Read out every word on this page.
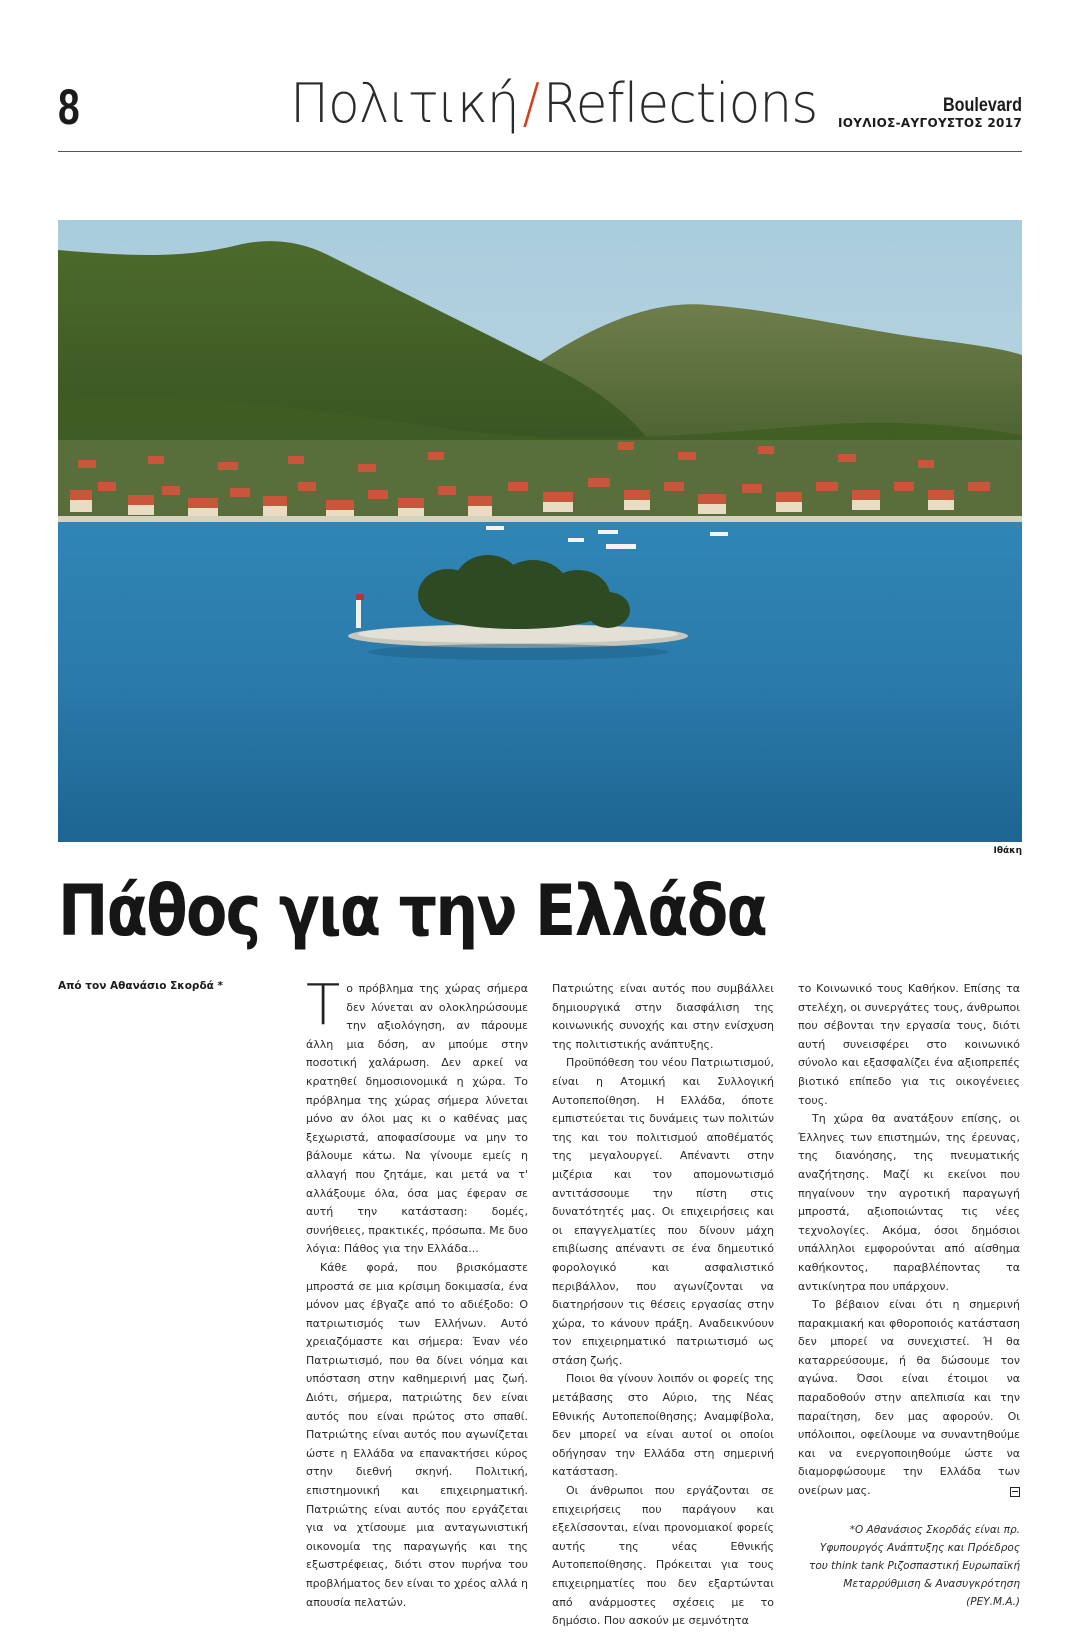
8	Πολιτική/Reflections	Boulevard
ΙΟΥΛΙΟΣ-ΑΥΓΟΥΣΤΟΣ 2017
Ιθάκη
Πάθος για την Ελλάδα
Από τον Αθανάσιο Σκορδά * Το πρόβλημα της χώρας σήμερα δεν λύνεται αν ολοκληρώσουμε την αξιολόγηση, αν πάρουμε άλλη μια δόση, αν μπούμε στην ποσοτική χαλάρωση. Δεν αρκεί να κρατηθεί δημοσιονομικά η χώρα. Το πρόβλημα της χώρας σήμερα λύνεται μόνο αν όλοι μας κι ο καθένας μας ξεχωριστά, αποφασίσουμε να μην το βάλουμε κάτω. Να γίνουμε εμείς η αλλαγή που ζητάμε, και μετά να τ' αλλάξουμε όλα, όσα μας έφεραν σε αυτή την κατάσταση: δομές, συνήθειες, πρακτικές, πρόσωπα. Με δυο λόγια: Πάθος για την Ελλάδα...

Κάθε φορά, που βρισκόμαστε μπροστά σε μια κρίσιμη δοκιμασία, ένα μόνον μας έβγαζε από το αδιέξοδο: Ο πατριωτισμός των Ελλήνων. Αυτό χρειαζόμαστε και σήμερα: Έναν νέο Πατριωτισμό, που θα δίνει νόημα και υπόσταση στην καθημερινή μας ζωή. Διότι, σήμερα, πατριώτης δεν είναι αυτός που είναι πρώτος στο σπαθί. Πατριώτης είναι αυτός που αγωνίζεται ώστε η Ελλάδα να επανακτήσει κύρος στην διεθνή σκηνή. Πολιτική, επιστημονική και επιχειρηματική. Πατριώτης είναι αυτός που εργάζεται για να χτίσουμε μια ανταγωνιστική οικονομία της παραγωγής και της εξωστρέφειας, διότι στον πυρήνα του προβλήματος δεν είναι το χρέος αλλά η απουσία πελατών.

Πατριώτης είναι αυτός που συμβάλλει δημιουργικά στην διασφάλιση της κοινωνικής συνοχής και στην ενίσχυση της πολιτιστικής ανάπτυξης.

Προϋπόθεση του νέου Πατριωτισμού, είναι η Ατομική και Συλλογική Αυτοπεποίθηση. Η Ελλάδα, όποτε εμπιστεύεται τις δυνάμεις των πολιτών της και του πολιτισμού αποθέματός της μεγαλουργεί. Απέναντι στην μιζέρια και τον απομονωτισμό αντιτάσσουμε την πίστη στις δυνατότητές μας. Οι επιχειρήσεις και οι επαγγελματίες που δίνουν μάχη επιβίωσης απέναντι σε ένα δημευτικό φορολογικό και ασφαλιστικό περιβάλλον, που αγωνίζονται να διατηρήσουν τις θέσεις εργασίας στην χώρα, το κάνουν πράξη. Αναδεικνύουν τον επιχειρηματικό πατριωτισμό ως στάση ζωής.

Ποιοι θα γίνουν λοιπόν οι φορείς της μετάβασης στο Αύριο, της Νέας Εθνικής Αυτοπεποίθησης; Αναμφίβολα, δεν μπορεί να είναι αυτοί οι οποίοι οδήγησαν την Ελλάδα στη σημερινή κατάσταση.

Οι άνθρωποι που εργάζονται σε επιχειρήσεις που παράγουν και εξελίσσονται, είναι προνομιακοί φορείς αυτής της νέας Εθνικής Αυτοπεποίθησης. Πρόκειται για τους επιχειρηματίες που δεν εξαρτώνται από ανάρμοστες σχέσεις με το δημόσιο. Που ασκούν με σεμνότητα

το Κοινωνικό τους Καθήκον. Επίσης τα στελέχη, οι συνεργάτες τους, άνθρωποι που σέβονται την εργασία τους, διότι αυτή συνεισφέρει στο κοινωνικό σύνολο και εξασφαλίζει ένα αξιοπρεπές βιοτικό επίπεδο για τις οικογένειες τους.

Τη χώρα θα ανατάξουν επίσης, οι Έλληνες των επιστημών, της έρευνας, της διανόησης, της πνευματικής αναζήτησης. Μαζί κι εκείνοι που πηγαίνουν την αγροτική παραγωγή μπροστά, αξιοποιώντας τις νέες τεχνολογίες. Ακόμα, όσοι δημόσιοι υπάλληλοι εμφορούνται από αίσθημα καθήκοντος, παραβλέποντας τα αντικίνητρα που υπάρχουν.

Το βέβαιον είναι ότι η σημερινή παρακμιακή και φθοροποιός κατάσταση δεν μπορεί να συνεχιστεί. Ή θα καταρρεύσουμε, ή θα δώσουμε τον αγώνα. Όσοι είναι έτοιμοι να παραδοθούν στην απελπισία και την παραίτηση, δεν μας αφορούν. Οι υπόλοιποι, οφείλουμε να συναντηθούμε και να ενεργοποιηθούμε ώστε να διαμορφώσουμε την Ελλάδα των ονείρων μας.

*Ο Αθανάσιος Σκορδάς είναι πρ. Υφυπουργός Ανάπτυξης και Πρόεδρος του think tank Ριζοσπαστική Ευρωπαϊκή Μεταρρύθμιση & Ανασυγκρότηση (ΡΕΥ.Μ.Α.)
